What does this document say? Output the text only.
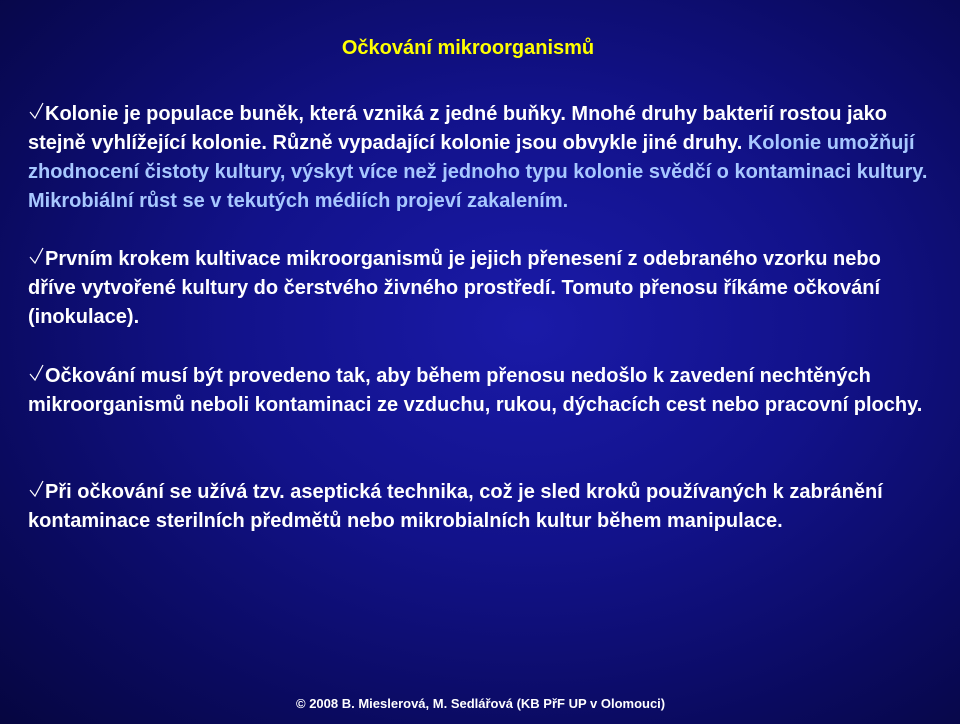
Očkování mikroorganismů

Kolonie je populace buněk, která vzniká z jedné buňky. Mnohé druhy bakterií rostou jako stejně vyhlížející kolonie. Různě vypadající kolonie jsou obvykle jiné druhy. Kolonie umožňují zhodnocení čistoty kultury, výskyt více než jednoho typu kolonie svědčí o kontaminaci kultury. Mikrobiální růst se v tekutých médiích projeví zakalením.

Prvním krokem kultivace mikroorganismů je jejich přenesení z odebraného vzorku nebo dříve vytvořené kultury do čerstvého živného prostředí. Tomuto přenosu říkáme očkování (inokulace).

Očkování musí být provedeno tak, aby během přenosu nedošlo k zavedení nechtěných mikroorganismů neboli kontaminaci ze vzduchu, rukou, dýchacích cest nebo pracovní plochy.

Při očkování se užívá tzv. aseptická technika, což je sled kroků používaných k zabránění kontaminace sterilních předmětů nebo mikrobialních kultur během manipulace.

© 2008 B. Mieslerová, M. Sedlářová (KB PřF UP v Olomouci)
